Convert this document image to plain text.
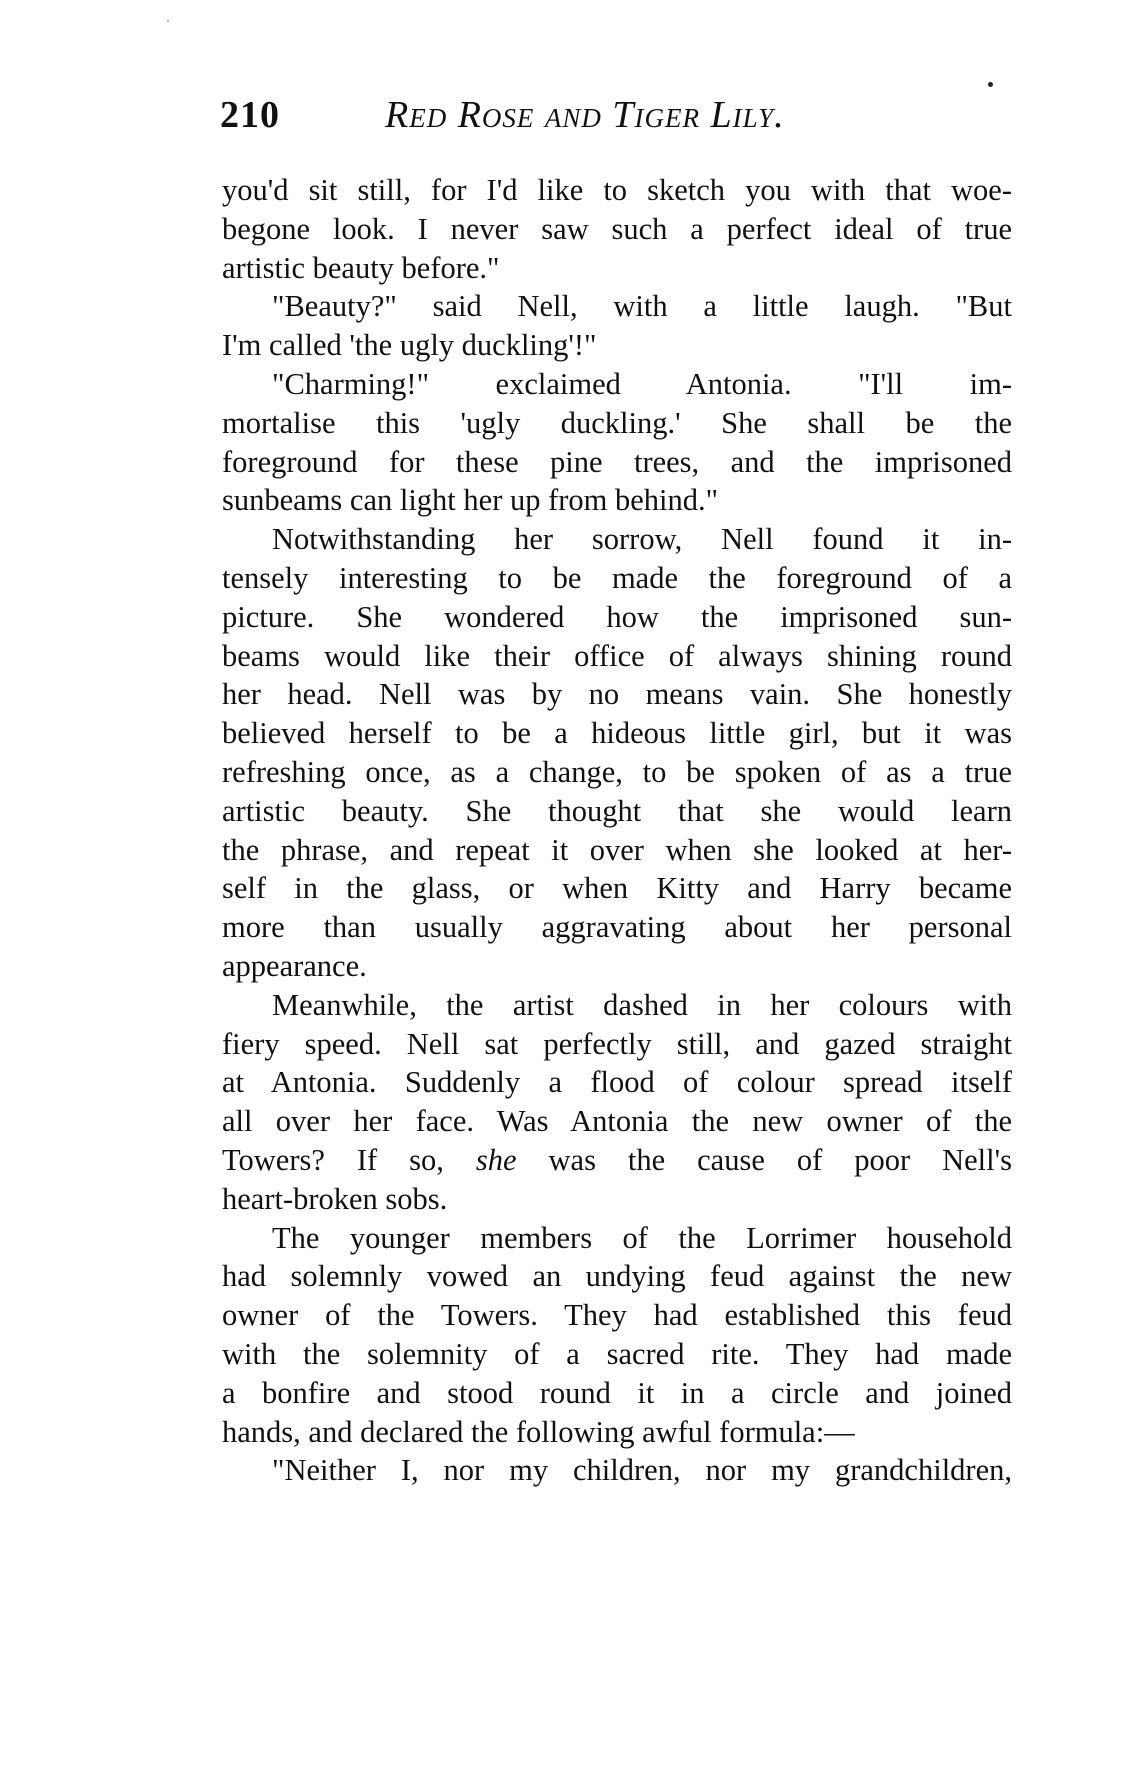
210	Red Rose and Tiger Lily.
you'd sit still, for I'd like to sketch you with that woe-
begone look. I never saw such a perfect ideal of true
artistic beauty before."
"Beauty?" said Nell, with a little laugh. "But
I'm called 'the ugly duckling'!"
"Charming!" exclaimed Antonia. "I'll im-
mortalise this 'ugly duckling.' She shall be the
foreground for these pine trees, and the imprisoned
sunbeams can light her up from behind."
Notwithstanding her sorrow, Nell found it in-
tensely interesting to be made the foreground of a
picture. She wondered how the imprisoned sun-
beams would like their office of always shining round
her head. Nell was by no means vain. She honestly
believed herself to be a hideous little girl, but it was
refreshing once, as a change, to be spoken of as a true
artistic beauty. She thought that she would learn
the phrase, and repeat it over when she looked at her-
self in the glass, or when Kitty and Harry became
more than usually aggravating about her personal
appearance.
Meanwhile, the artist dashed in her colours with
fiery speed. Nell sat perfectly still, and gazed straight
at Antonia. Suddenly a flood of colour spread itself
all over her face. Was Antonia the new owner of the
Towers? If so, she was the cause of poor Nell's
heart-broken sobs.
The younger members of the Lorrimer household
had solemnly vowed an undying feud against the new
owner of the Towers. They had established this feud
with the solemnity of a sacred rite. They had made
a bonfire and stood round it in a circle and joined
hands, and declared the following awful formula:—
"Neither I, nor my children, nor my grandchildren,
